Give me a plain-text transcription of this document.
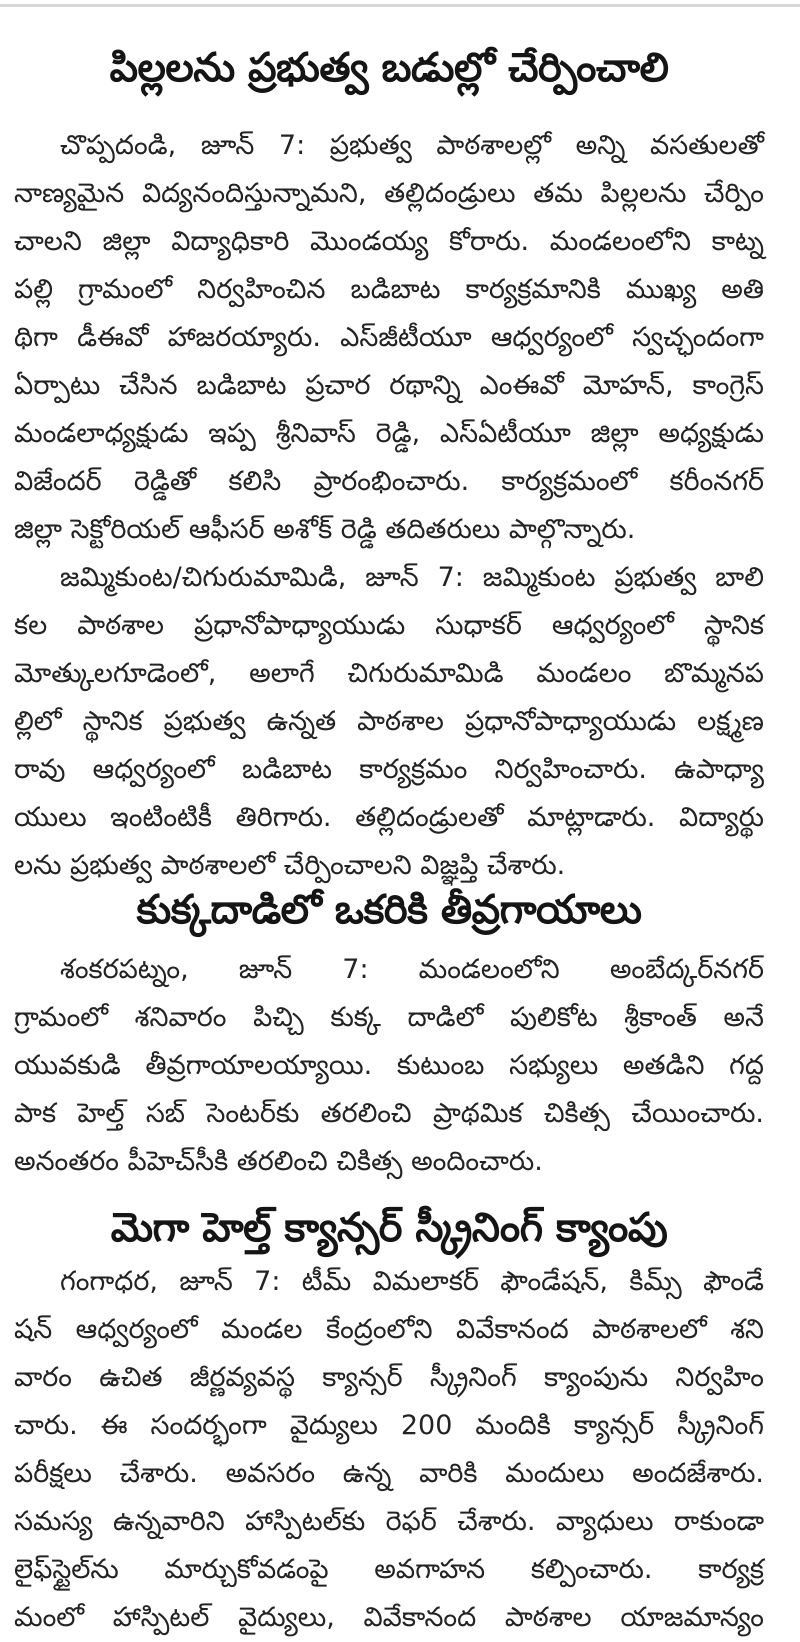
పిల్లలను ప్రభుత్వ బడుల్లో చేర్పించాలి
చొప్పదండి, జూన్ 7: ప్రభుత్వ పాఠశాలల్లో అన్ని వసతులతో
నాణ్యమైన విద్యనందిస్తున్నామని, తల్లిదండ్రులు తమ పిల్లలను చేర్పిం
చాలని జిల్లా విద్యాధికారి మొండయ్య కోరారు. మండలంలోని కాట్న
పల్లి గ్రామంలో నిర్వహించిన బడిబాట కార్యక్రమానికి ముఖ్య అతి
థిగా డీఈవో హాజరయ్యారు. ఎస్‌జీటీయూ ఆధ్వర్యంలో స్వచ్ఛందంగా
ఏర్పాటు చేసిన బడిబాట ప్రచార రథాన్ని ఎంఈవో మోహన్, కాంగ్రెస్
మండలాధ్యక్షుడు ఇప్ప శ్రీనివాస్ రెడ్డి, ఎస్‌ఏటీయూ జిల్లా అధ్యక్షుడు
విజేందర్ రెడ్డితో కలిసి ప్రారంభించారు. కార్యక్రమంలో కరీంనగర్
జిల్లా సెక్టోరియల్ ఆఫీసర్ అశోక్ రెడ్డి తదితరులు పాల్గొన్నారు.
జమ్మికుంట/చిగురుమామిడి, జూన్ 7: జమ్మికుంట ప్రభుత్వ బాలి
కల పాఠశాల ప్రధానోపాధ్యాయుడు సుధాకర్ ఆధ్వర్యంలో స్థానిక
మోత్కులగూడెంలో, అలాగే చిగురుమామిడి మండలం బొమ్మనప
ల్లిలో స్థానిక ప్రభుత్వ ఉన్నత పాఠశాల ప్రధానోపాధ్యాయుడు లక్ష్మణ
రావు ఆధ్వర్యంలో బడిబాట కార్యక్రమం నిర్వహించారు. ఉపాధ్యా
యులు ఇంటింటికీ తిరిగారు. తల్లిదండ్రులతో మాట్లాడారు. విద్యార్థు
లను ప్రభుత్వ పాఠశాలలో చేర్పించాలని విజ్ఞప్తి చేశారు.
కుక్కదాడిలో ఒకరికి తీవ్రగాయాలు
శంకరపట్నం, జూన్ 7: మండలంలోని అంబేద్కర్‌నగర్
గ్రామంలో శనివారం పిచ్చి కుక్క దాడిలో పులికోట శ్రీకాంత్ అనే
యువకుడి తీవ్రగాయాలయ్యాయి. కుటుంబ సభ్యులు అతడిని గద్ద
పాక హెల్త్ సబ్ సెంటర్‌కు తరలించి ప్రాథమిక చికిత్స చేయించారు.
అనంతరం పీహెచ్‌సీకి తరలించి చికిత్స అందించారు.
మెగా హెల్త్ క్యాన్సర్ స్క్రీనింగ్ క్యాంపు
గంగాధర, జూన్ 7: టీమ్ విమలాకర్ ఫౌండేషన్, కిమ్స్ ఫౌండే
షన్ ఆధ్వర్యంలో మండల కేంద్రంలోని వివేకానంద పాఠశాలలో శని
వారం ఉచిత జీర్ణవ్యవస్థ క్యాన్సర్ స్క్రీనింగ్ క్యాంపును నిర్వహిం
చారు. ఈ సందర్భంగా వైద్యులు 200 మందికి క్యాన్సర్ స్క్రీనింగ్
పరీక్షలు చేశారు. అవసరం ఉన్న వారికి మందులు అందజేశారు.
సమస్య ఉన్నవారిని హాస్పిటల్‌కు రెఫర్ చేశారు. వ్యాధులు రాకుండా
లైఫ్‌స్టైల్‌ను మార్చుకోవడంపై అవగాహన కల్పించారు. కార్యక్ర
మంలో హాస్పిటల్ వైద్యులు, వివేకానంద పాఠశాల యాజమాన్యం
